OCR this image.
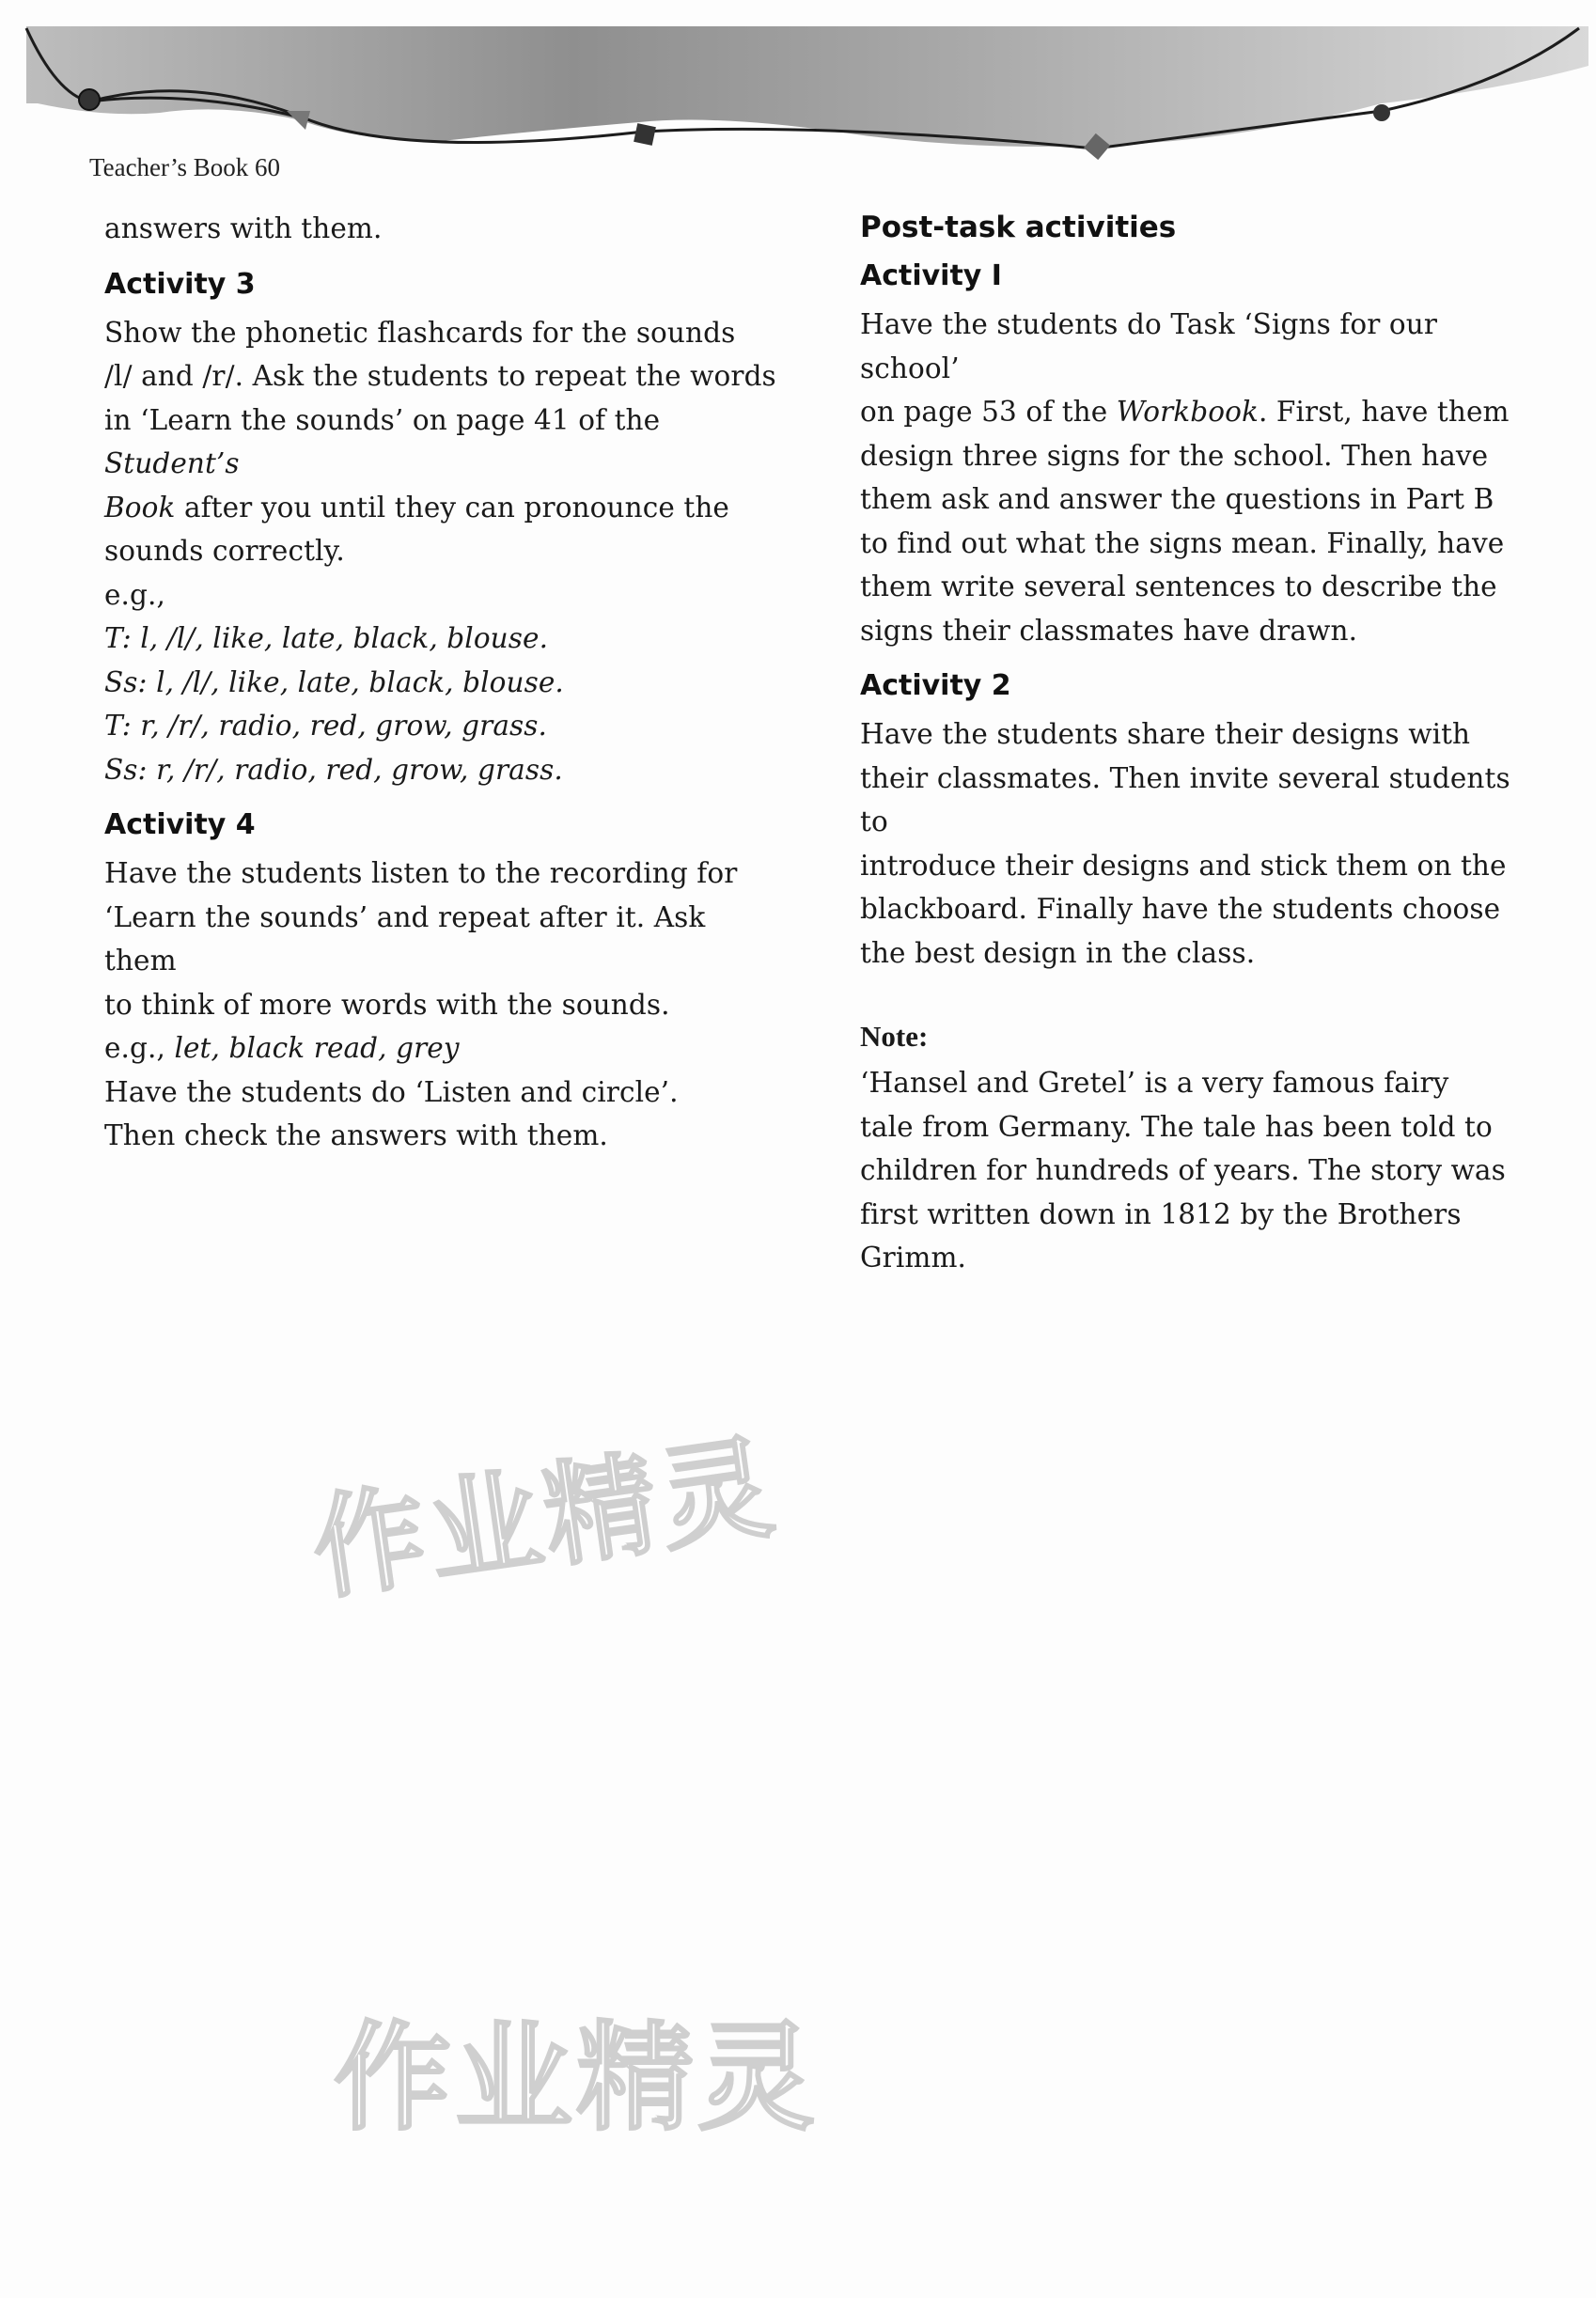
Teacher’s Book 60

answers with them.

Activity 3

Show the phonetic flashcards for the sounds

/l/ and /r/. Ask the students to repeat the words

in ‘Learn the sounds’ on page 41 of the Student’s

Book after you until they can pronounce the

sounds correctly.

e.g.,

T: l, /l/, like, late, black, blouse.

Ss: l, /l/, like, late, black, blouse.

T: r, /r/, radio, red, grow, grass.

Ss: r, /r/, radio, red, grow, grass.

Activity 4

Have the students listen to the recording for

‘Learn the sounds’ and repeat after it. Ask them

to think of more words with the sounds.

e.g., let, black read, grey

Have the students do ‘Listen and circle’.

Then check the answers with them.

Post-task activities
Activity I

Have the students do Task ‘Signs for our school’

on page 53 of the Workbook. First, have them

design three signs for the school. Then have

them ask and answer the questions in Part B

to find out what the signs mean. Finally, have

them write several sentences to describe the

signs their classmates have drawn.

Activity 2

Have the students share their designs with

their classmates. Then invite several students to

introduce their designs and stick them on the

blackboard. Finally have the students choose

the best design in the class.

Note:

‘Hansel and Gretel’ is a very famous fairy

tale from Germany. The tale has been told to

children for hundreds of years. The story was

first written down in 1812 by the Brothers

Grimm.

作业精灵
作业精灵
